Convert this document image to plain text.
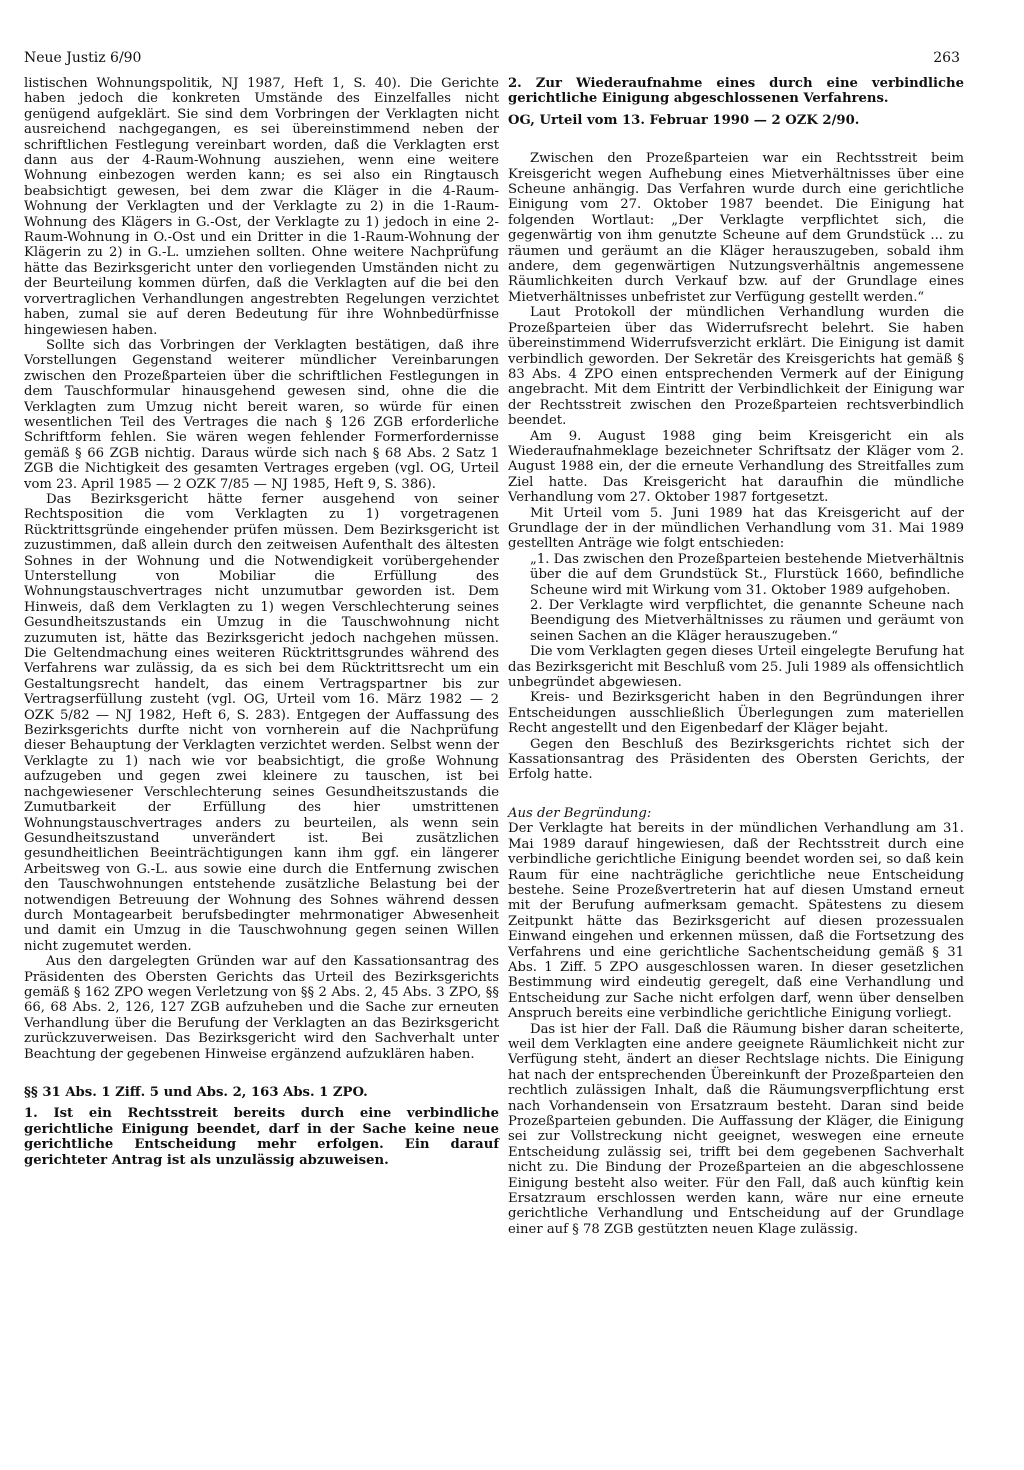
Neue Justiz 6/90	263

listischen Wohnungspolitik, NJ 1987, Heft 1, S. 40). Die Gerichte haben jedoch die konkreten Umstände des Einzelfalles nicht genügend aufgeklärt. Sie sind dem Vorbringen der Verklagten nicht ausreichend nachgegangen, es sei übereinstimmend neben der schriftlichen Festlegung vereinbart worden, daß die Verklagten erst dann aus der 4-Raum-Wohnung ausziehen, wenn eine weitere Wohnung einbezogen werden kann; es sei also ein Ringtausch beabsichtigt gewesen, bei dem zwar die Kläger in die 4-Raum-Wohnung der Verklagten und der Verklagte zu 2) in die 1-Raum-Wohnung des Klägers in G.-Ost, der Verklagte zu 1) jedoch in eine 2-Raum-Wohnung in O.-Ost und ein Dritter in die 1-Raum-Wohnung der Klägerin zu 2) in G.-L. umziehen sollten. Ohne weitere Nachprüfung hätte das Bezirksgericht unter den vorliegenden Umständen nicht zu der Beurteilung kommen dürfen, daß die Verklagten auf die bei den vorvertraglichen Verhandlungen angestrebten Regelungen verzichtet haben, zumal sie auf deren Bedeutung für ihre Wohnbedürfnisse hingewiesen haben.

Sollte sich das Vorbringen der Verklagten bestätigen, daß ihre Vorstellungen Gegenstand weiterer mündlicher Vereinbarungen zwischen den Prozeßparteien über die schriftlichen Festlegungen in dem Tauschformular hinausgehend gewesen sind, ohne die die Verklagten zum Umzug nicht bereit waren, so würde für einen wesentlichen Teil des Vertrages die nach § 126 ZGB erforderliche Schriftform fehlen. Sie wären wegen fehlender Formerfordernisse gemäß § 66 ZGB nichtig. Daraus würde sich nach § 68 Abs. 2 Satz 1 ZGB die Nichtigkeit des gesamten Vertrages ergeben (vgl. OG, Urteil vom 23. April 1985 — 2 OZK 7/85 — NJ 1985, Heft 9, S. 386).

Das Bezirksgericht hätte ferner ausgehend von seiner Rechtsposition die vom Verklagten zu 1) vorgetragenen Rücktrittsgründe eingehender prüfen müssen. Dem Bezirksgericht ist zuzustimmen, daß allein durch den zeitweisen Aufenthalt des ältesten Sohnes in der Wohnung und die Notwendigkeit vorübergehender Unterstellung von Mobiliar die Erfüllung des Wohnungstauschvertrages nicht unzumutbar geworden ist. Dem Hinweis, daß dem Verklagten zu 1) wegen Verschlechterung seines Gesundheitszustands ein Umzug in die Tauschwohnung nicht zuzumuten ist, hätte das Bezirksgericht jedoch nachgehen müssen. Die Geltendmachung eines weiteren Rücktrittsgrundes während des Verfahrens war zulässig, da es sich bei dem Rücktrittsrecht um ein Gestaltungsrecht handelt, das einem Vertragspartner bis zur Vertragserfüllung zusteht (vgl. OG, Urteil vom 16. März 1982 — 2 OZK 5/82 — NJ 1982, Heft 6, S. 283). Entgegen der Auffassung des Bezirksgerichts durfte nicht von vornherein auf die Nachprüfung dieser Behauptung der Verklagten verzichtet werden. Selbst wenn der Verklagte zu 1) nach wie vor beabsichtigt, die große Wohnung aufzugeben und gegen zwei kleinere zu tauschen, ist bei nachgewiesener Verschlechterung seines Gesundheitszustands die Zumutbarkeit der Erfüllung des hier umstrittenen Wohnungstauschvertrages anders zu beurteilen, als wenn sein Gesundheitszustand unverändert ist. Bei zusätzlichen gesundheitlichen Beeinträchtigungen kann ihm ggf. ein längerer Arbeitsweg von G.-L. aus sowie eine durch die Entfernung zwischen den Tauschwohnungen entstehende zusätzliche Belastung bei der notwendigen Betreuung der Wohnung des Sohnes während dessen durch Montagearbeit berufsbedingter mehrmonatiger Abwesenheit und damit ein Umzug in die Tauschwohnung gegen seinen Willen nicht zugemutet werden.

Aus den dargelegten Gründen war auf den Kassationsantrag des Präsidenten des Obersten Gerichts das Urteil des Bezirksgerichts gemäß § 162 ZPO wegen Verletzung von §§ 2 Abs. 2, 45 Abs. 3 ZPO, §§ 66, 68 Abs. 2, 126, 127 ZGB aufzuheben und die Sache zur erneuten Verhandlung über die Berufung der Verklagten an das Bezirksgericht zurückzuverweisen. Das Bezirksgericht wird den Sachverhalt unter Beachtung der gegebenen Hinweise ergänzend aufzuklären haben.

§§ 31 Abs. 1 Ziff. 5 und Abs. 2, 163 Abs. 1 ZPO.

1. Ist ein Rechtsstreit bereits durch eine verbindliche gerichtliche Einigung beendet, darf in der Sache keine neue gerichtliche Entscheidung mehr erfolgen. Ein darauf gerichteter Antrag ist als unzulässig abzuweisen.

2. Zur Wiederaufnahme eines durch eine verbindliche gerichtliche Einigung abgeschlossenen Verfahrens.

OG, Urteil vom 13. Februar 1990 — 2 OZK 2/90.

Zwischen den Prozeßparteien war ein Rechtsstreit beim Kreisgericht wegen Aufhebung eines Mietverhältnisses über eine Scheune anhängig. Das Verfahren wurde durch eine gerichtliche Einigung vom 27. Oktober 1987 beendet. Die Einigung hat folgenden Wortlaut: „Der Verklagte verpflichtet sich, die gegenwärtig von ihm genutzte Scheune auf dem Grundstück ... zu räumen und geräumt an die Kläger herauszugeben, sobald ihm andere, dem gegenwärtigen Nutzungsverhältnis angemessene Räumlichkeiten durch Verkauf bzw. auf der Grundlage eines Mietverhältnisses unbefristet zur Verfügung gestellt werden.“

Laut Protokoll der mündlichen Verhandlung wurden die Prozeßparteien über das Widerrufsrecht belehrt. Sie haben übereinstimmend Widerrufsverzicht erklärt. Die Einigung ist damit verbindlich geworden. Der Sekretär des Kreisgerichts hat gemäß § 83 Abs. 4 ZPO einen entsprechenden Vermerk auf der Einigung angebracht. Mit dem Eintritt der Verbindlichkeit der Einigung war der Rechtsstreit zwischen den Prozeßparteien rechtsverbindlich beendet.

Am 9. August 1988 ging beim Kreisgericht ein als Wiederaufnahmeklage bezeichneter Schriftsatz der Kläger vom 2. August 1988 ein, der die erneute Verhandlung des Streitfalles zum Ziel hatte. Das Kreisgericht hat daraufhin die mündliche Verhandlung vom 27. Oktober 1987 fortgesetzt.

Mit Urteil vom 5. Juni 1989 hat das Kreisgericht auf der Grundlage der in der mündlichen Verhandlung vom 31. Mai 1989 gestellten Anträge wie folgt entschieden:

„1. Das zwischen den Prozeßparteien bestehende Mietverhältnis über die auf dem Grundstück St., Flurstück 1660, befindliche Scheune wird mit Wirkung vom 31. Oktober 1989 aufgehoben.

2. Der Verklagte wird verpflichtet, die genannte Scheune nach Beendigung des Mietverhältnisses zu räumen und geräumt von seinen Sachen an die Kläger herauszugeben.“

Die vom Verklagten gegen dieses Urteil eingelegte Berufung hat das Bezirksgericht mit Beschluß vom 25. Juli 1989 als offensichtlich unbegründet abgewiesen.

Kreis- und Bezirksgericht haben in den Begründungen ihrer Entscheidungen ausschließlich Überlegungen zum materiellen Recht angestellt und den Eigenbedarf der Kläger bejaht.

Gegen den Beschluß des Bezirksgerichts richtet sich der Kassationsantrag des Präsidenten des Obersten Gerichts, der Erfolg hatte.

Aus der Begründung:

Der Verklagte hat bereits in der mündlichen Verhandlung am 31. Mai 1989 darauf hingewiesen, daß der Rechtsstreit durch eine verbindliche gerichtliche Einigung beendet worden sei, so daß kein Raum für eine nachträgliche gerichtliche neue Entscheidung bestehe. Seine Prozeßvertreterin hat auf diesen Umstand erneut mit der Berufung aufmerksam gemacht. Spätestens zu diesem Zeitpunkt hätte das Bezirksgericht auf diesen prozessualen Einwand eingehen und erkennen müssen, daß die Fortsetzung des Verfahrens und eine gerichtliche Sachentscheidung gemäß § 31 Abs. 1 Ziff. 5 ZPO ausgeschlossen waren. In dieser gesetzlichen Bestimmung wird eindeutig geregelt, daß eine Verhandlung und Entscheidung zur Sache nicht erfolgen darf, wenn über denselben Anspruch bereits eine verbindliche gerichtliche Einigung vorliegt.

Das ist hier der Fall. Daß die Räumung bisher daran scheiterte, weil dem Verklagten eine andere geeignete Räumlichkeit nicht zur Verfügung steht, ändert an dieser Rechtslage nichts. Die Einigung hat nach der entsprechenden Übereinkunft der Prozeßparteien den rechtlich zulässigen Inhalt, daß die Räumungsverpflichtung erst nach Vorhandensein von Ersatzraum besteht. Daran sind beide Prozeßparteien gebunden. Die Auffassung der Kläger, die Einigung sei zur Vollstreckung nicht geeignet, weswegen eine erneute Entscheidung zulässig sei, trifft bei dem gegebenen Sachverhalt nicht zu. Die Bindung der Prozeßparteien an die abgeschlossene Einigung besteht also weiter. Für den Fall, daß auch künftig kein Ersatzraum erschlossen werden kann, wäre nur eine erneute gerichtliche Verhandlung und Entscheidung auf der Grundlage einer auf § 78 ZGB gestützten neuen Klage zulässig.
